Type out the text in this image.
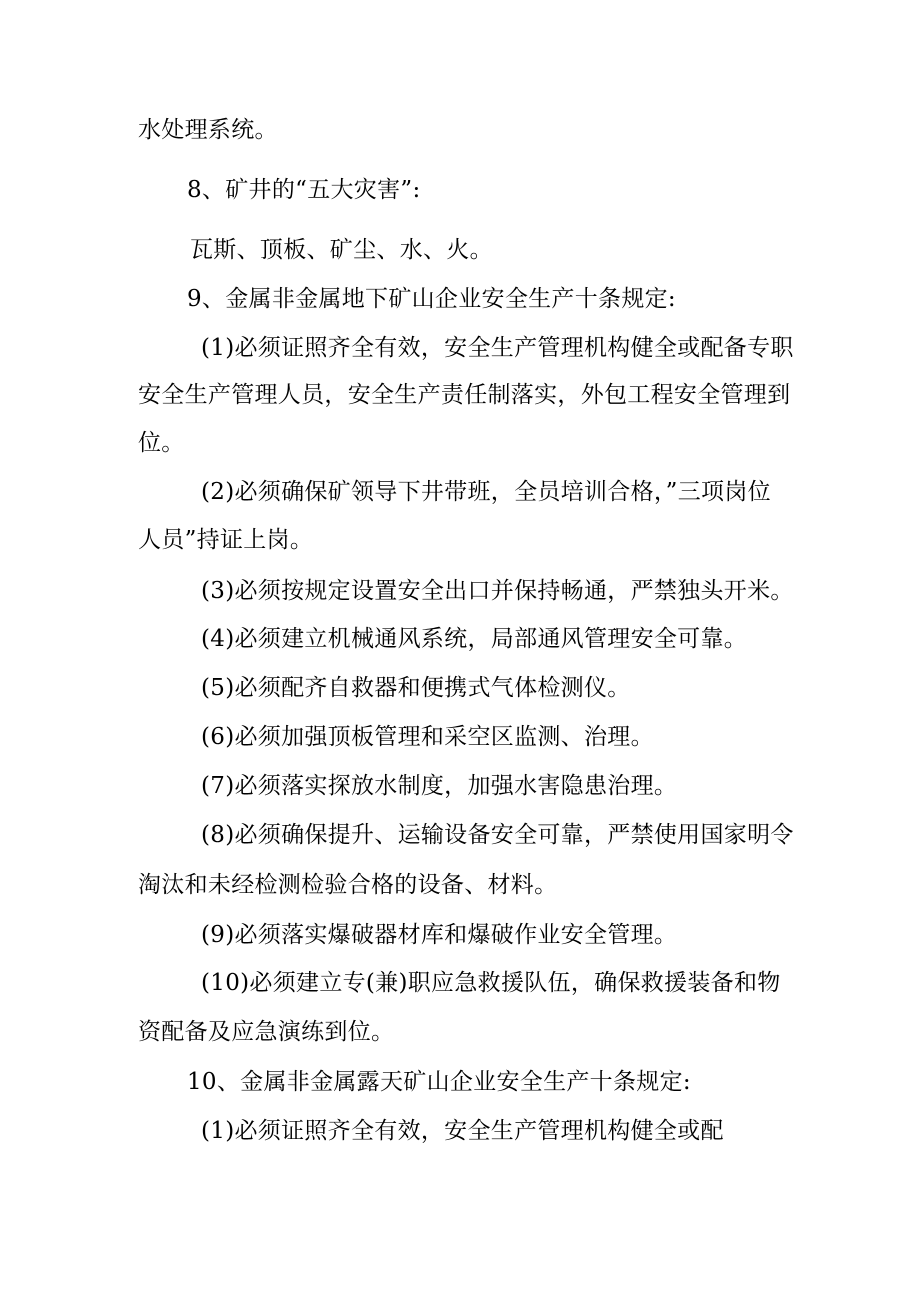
水处理系统。
8、矿井的“五大灾害”:
瓦斯、顶板、矿尘、水、火。
9、金属非金属地下矿山企业安全生产十条规定:
(1)必须证照齐全有效，安全生产管理机构健全或配备专职
安全生产管理人员，安全生产责任制落实，外包工程安全管理到
位。
(2)必须确保矿领导下井带班，全员培训合格，”三项岗位
人员”持证上岗。
(3)必须按规定设置安全出口并保持畅通，严禁独头开米。
(4)必须建立机械通风系统，局部通风管理安全可靠。
(5)必须配齐自救器和便携式气体检测仪。
(6)必须加强顶板管理和采空区监测、治理。
(7)必须落实探放水制度，加强水害隐患治理。
(8)必须确保提升、运输设备安全可靠，严禁使用国家明令
淘汰和未经检测检验合格的设备、材料。
(9)必须落实爆破器材库和爆破作业安全管理。
(10)必须建立专(兼)职应急救援队伍，确保救援装备和物
资配备及应急演练到位。
10、金属非金属露天矿山企业安全生产十条规定:
(1)必须证照齐全有效，安全生产管理机构健全或配
